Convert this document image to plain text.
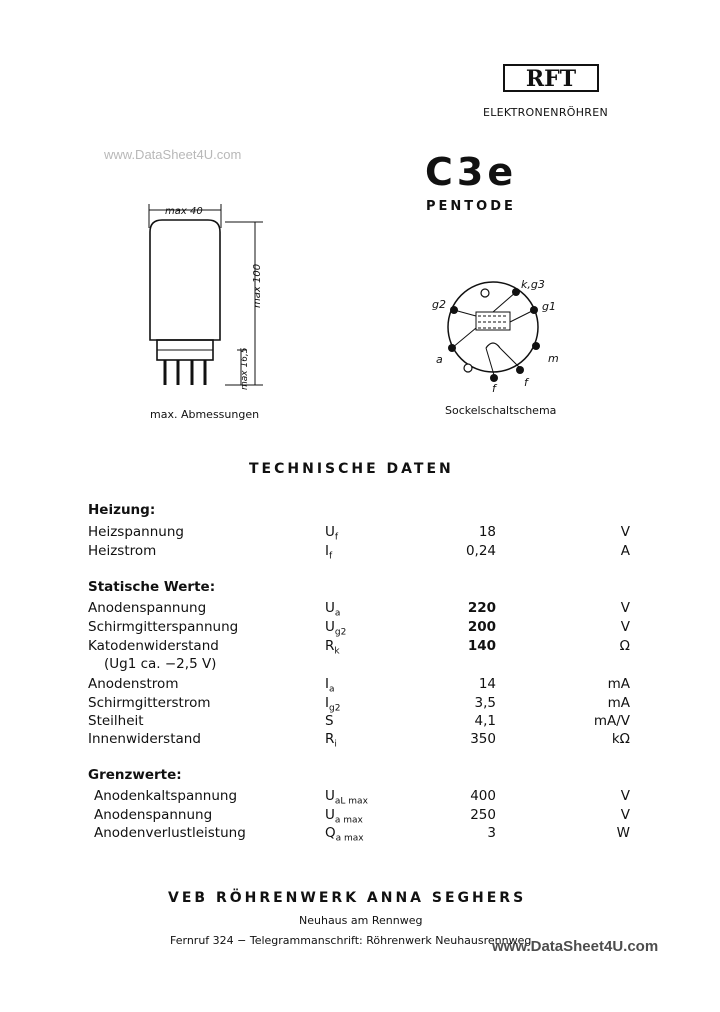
RFT
ELEKTRONENRÖHREN
www.DataSheet4U.com	C3e
PENTODE
max 40
max 100
max 16,5
max. Abmessungen
k,g3
g2	g1
a
f	f
m
Sockelschaltschema
TECHNISCHE DATEN
Heizung:
Heizspannung	$U_f$	18	V
Heizstrom	$I_f$	0,24	A
Statische Werte:
Anodenspannung	$U_a$	220	V
Schirmgitterspannung	$U_{g2}$	200	V
Katodenwiderstand	$R_k$	140	Ω
(Ug1 ca. −2,5 V)
Anodenstrom	$I_a$	14	mA
Schirmgitterstrom	$I_{g2}$	3,5	mA
Steilheit	S	4,1	mA/V
Innenwiderstand	$R_i$	350	kΩ
Grenzwerte:
Anodenkaltspannung	$U_{aL max}$	400	V
Anodenspannung	$U_{a max}$	250	V
Anodenverlustleistung	$Q_{a max}$	3	W
VEB RÖHRENWERK ANNA SEGHERS
Neuhaus am Rennweg
Fernruf 324 − Telegrammanschrift: Röhrenwerk Neuhausrennweg
www.DataSheet4U.com
